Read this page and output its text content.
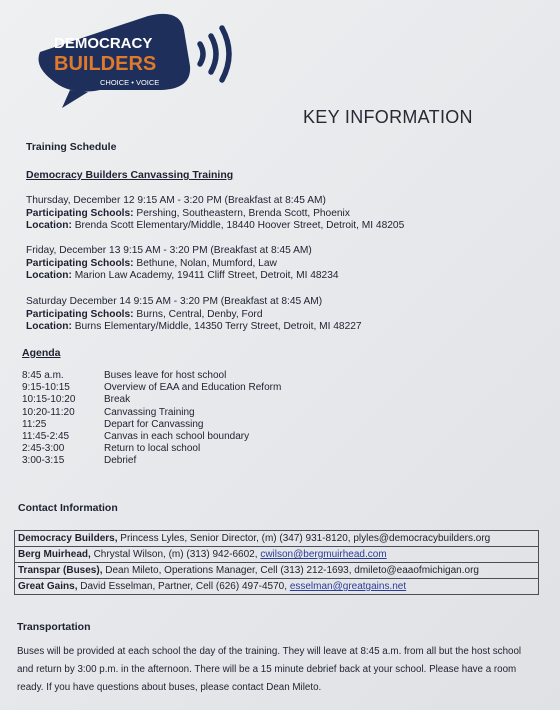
DEMOCRACY
BUILDERS
CHOICE • VOICE
KEY INFORMATION
Training Schedule
Democracy Builders Canvassing Training
Thursday, December 12 9:15 AM - 3:20 PM (Breakfast at 8:45 AM)
Participating Schools: Pershing, Southeastern, Brenda Scott, Phoenix
Location: Brenda Scott Elementary/Middle, 18440 Hoover Street, Detroit, MI 48205
Friday, December 13 9:15 AM - 3:20 PM (Breakfast at 8:45 AM)
Participating Schools: Bethune, Nolan, Mumford, Law
Location: Marion Law Academy, 19411 Cliff Street, Detroit, MI 48234
Saturday December 14 9:15 AM - 3:20 PM (Breakfast at 8:45 AM)
Participating Schools: Burns, Central, Denby, Ford
Location: Burns Elementary/Middle, 14350 Terry Street, Detroit, MI 48227
Agenda
8:45 a.m.	Buses leave for host school
9:15-10:15	Overview of EAA and Education Reform
10:15-10:20	Break
10:20-11:20	Canvassing Training
11:25	Depart for Canvassing
11:45-2:45	Canvas in each school boundary
2:45-3:00	Return to local school
3:00-3:15	Debrief
Contact Information
Democracy Builders, Princess Lyles, Senior Director, (m) (347) 931-8120, plyles@democracybuilders.org
Berg Muirhead, Chrystal Wilson, (m) (313) 942-6602, cwilson@bergmuirhead.com
Transpar (Buses), Dean Mileto, Operations Manager, Cell (313) 212-1693, dmileto@eaaofmichigan.org
Great Gains, David Esselman, Partner, Cell (626) 497-4570, esselman@greatgains.net
Transportation
Buses will be provided at each school the day of the training. They will leave at 8:45 a.m. from all but the host school and return by 3:00 p.m. in the afternoon. There will be a 15 minute debrief back at your school. Please have a room ready. If you have questions about buses, please contact Dean Mileto.
